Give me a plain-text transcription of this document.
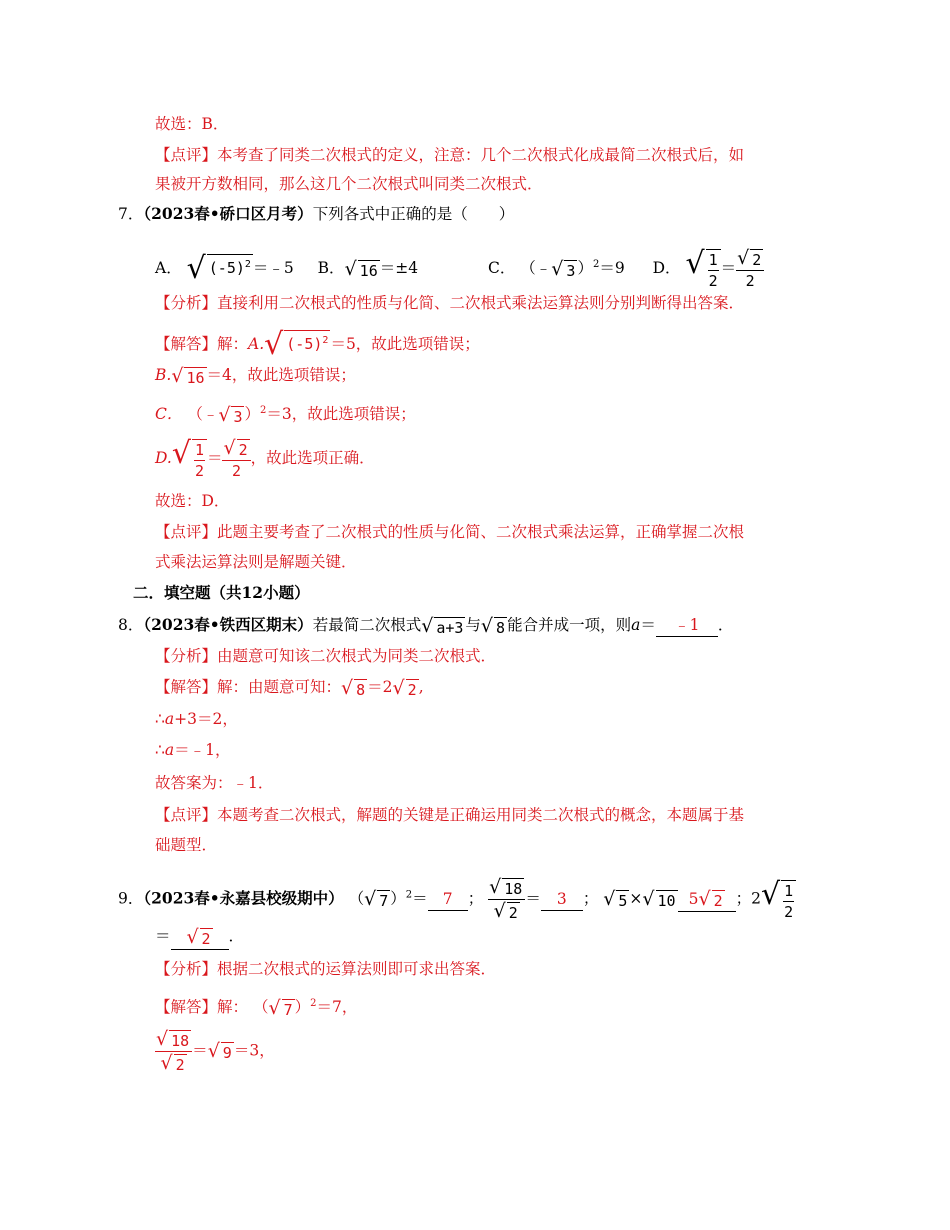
故选：B．
【点评】本考查了同类二次根式的定义，注意：几个二次根式化成最简二次根式后，如
果被开方数相同，那么这几个二次根式叫同类二次根式．
7．（2023春•硚口区月考）下列各式中正确的是（　　）
A． √ $(-5)^2$ ＝﹣5 B． √ 16 ＝±4	C． （﹣ √ 3 ）$^2$＝9 D． √ $\frac{1}{2} = \frac{√ 2}{2}$
【分析】直接利用二次根式的性质与化简、二次根式乘法运算法则分别判断得出答案．
【解答】解：A. √ $(-5)^2 =5$，故此选项错误；
B. √ 16 ＝4，故此选项错误；
C． （﹣ √ 3 ）$^2$＝3，故此选项错误；
D. √ $\frac{1}{2} = \frac{√ 2}{2}$ ，故此选项正确．
故选：D．
【点评】此题主要考查了二次根式的性质与化简、二次根式乘法运算，正确掌握二次根
式乘法运算法则是解题关键．
二．填空题（共12小题）
8．（2023春•铁西区期末）若最简二次根式 √ a+3 与 √ 8 能合并成一项，则a＝ ﹣1 ．
【分析】由题意可知该二次根式为同类二次根式．
【解答】解：由题意可知： √ 8 ＝2 √ 2 ,
∴a+3＝2，
∴a＝﹣1，
故答案为：﹣1．
【点评】本题考查二次根式，解题的关键是正确运用同类二次根式的概念，本题属于基
础题型．
9．（2023春•永嘉县校级期中） （ √ 7 ）$^2$＝ 7 ； $\frac{√ 18}{√ 2} = 3$ ； √ 5 × √ 10 5 √ 2 ；2 √ $\frac{1}{2}$
＝ √ 2 ．
【分析】根据二次根式的运算法则即可求出答案．
【解答】解： （ √ 7 ）$^2$＝7，
$\frac{√ 18}{√ 2}$ ＝ √ 9 ＝3，
